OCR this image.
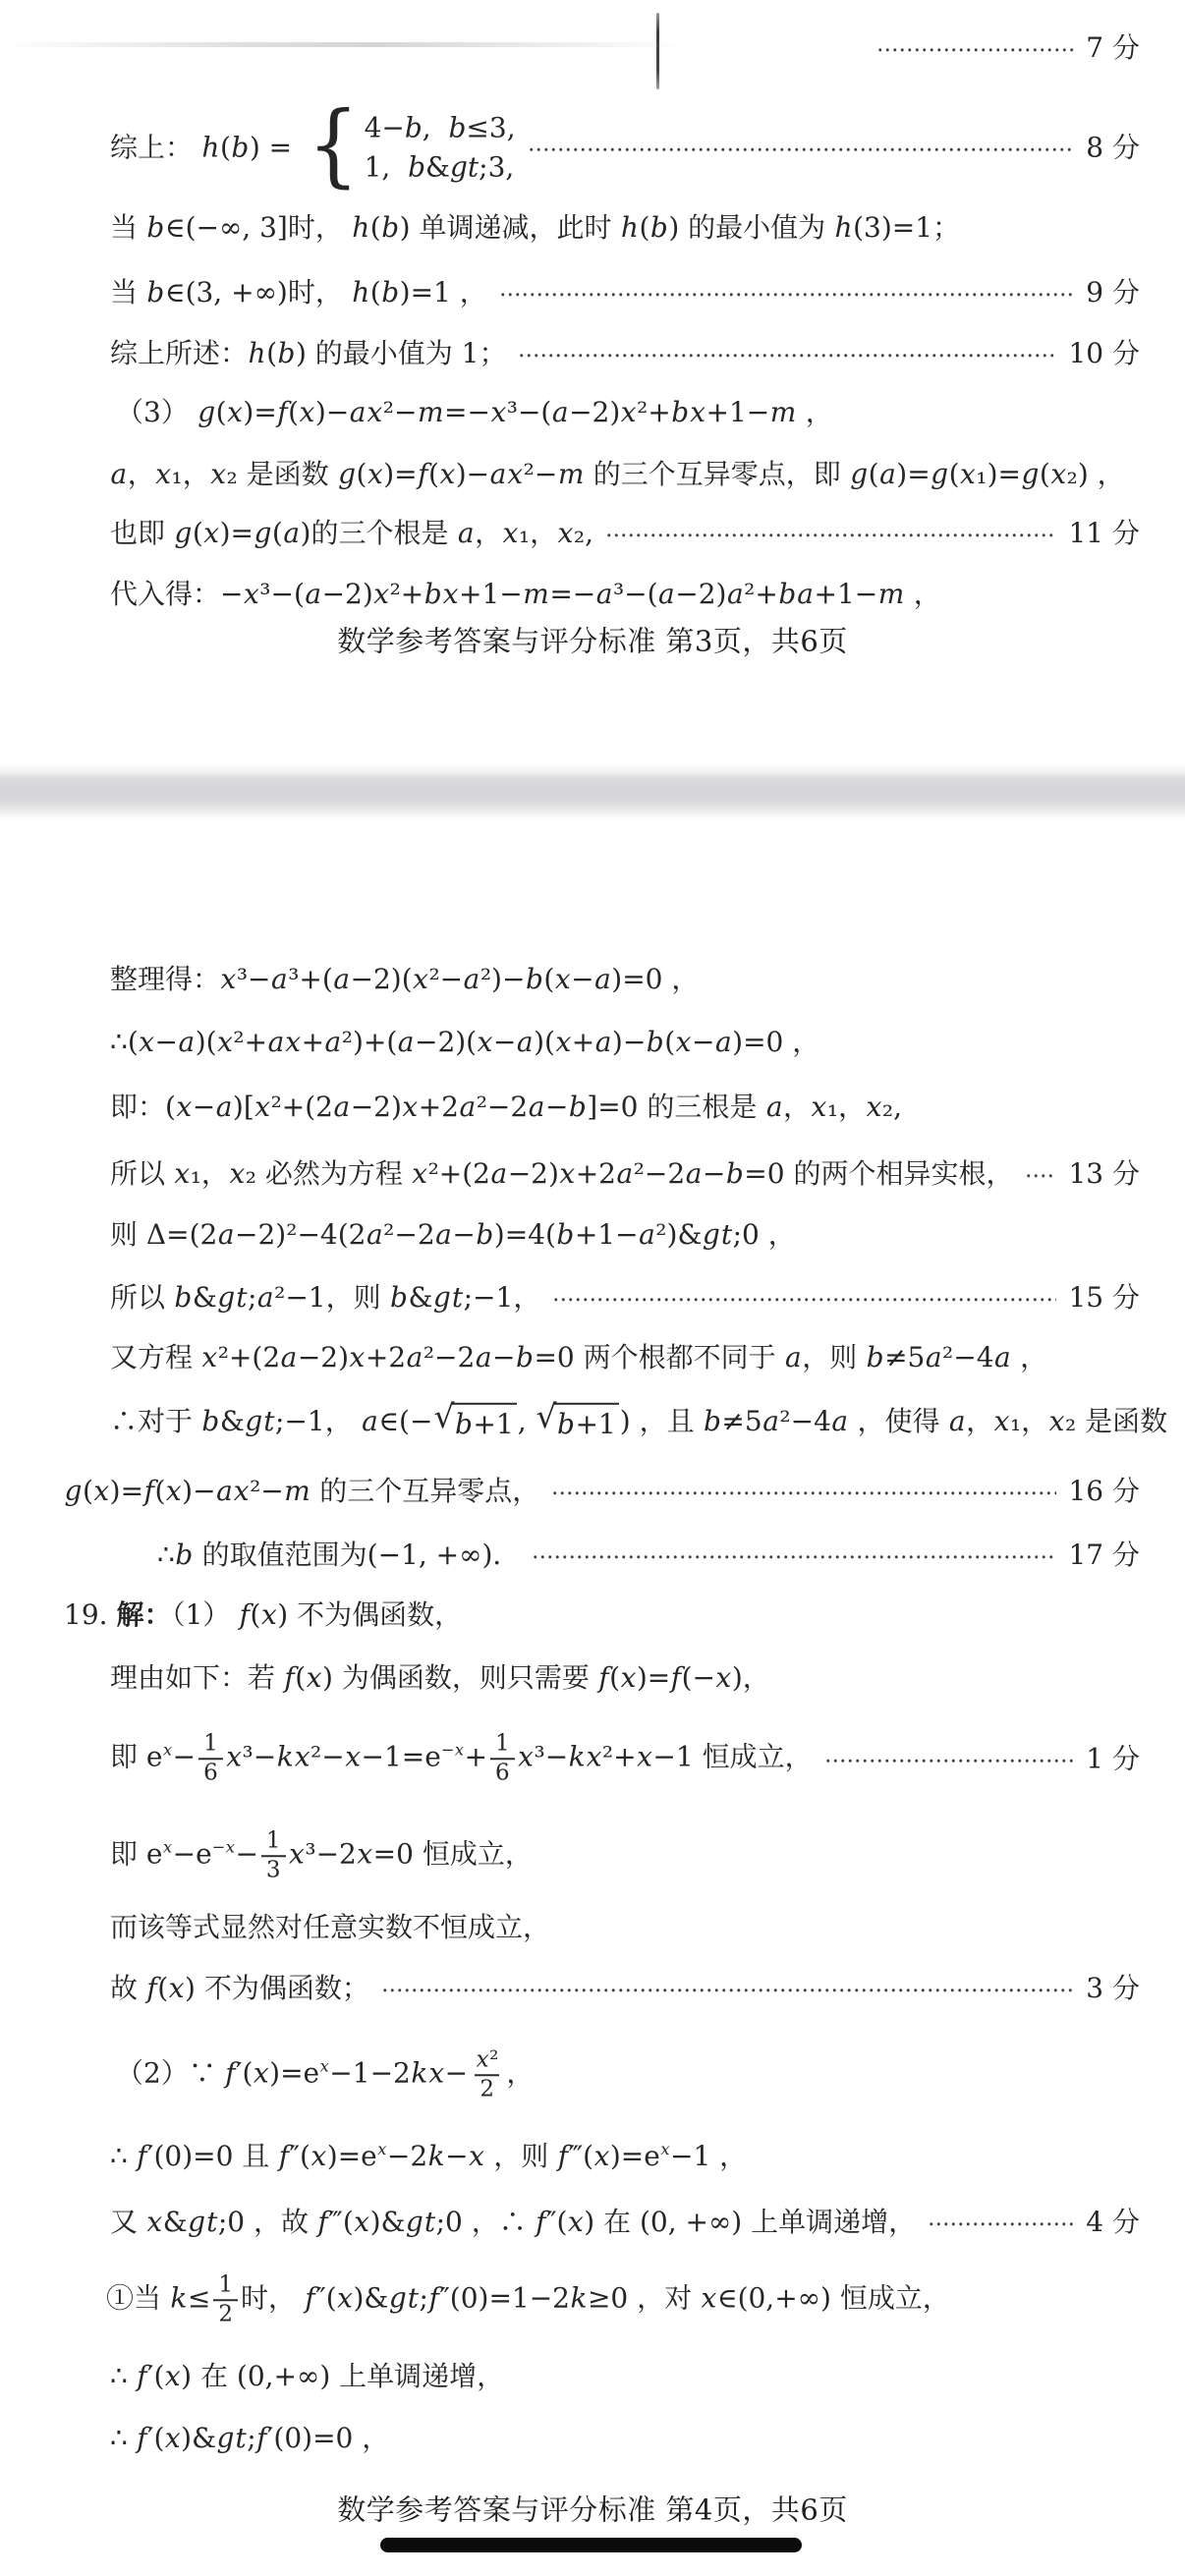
7 分
综上： h(b) = { 4−b,  b≤3,
1,  b&gt;3,
8 分
当 b∈(−∞, 3]时， h(b) 单调递减，此时 h(b) 的最小值为 h(3)=1；
当 b∈(3, +∞)时， h(b)=1 ，	9 分
综上所述：h(b) 的最小值为 1；	10 分
（3） g(x)=f(x)−ax²−m=−x³−(a−2)x²+bx+1−m ，
a，x₁，x₂ 是函数 g(x)=f(x)−ax²−m 的三个互异零点，即 g(a)=g(x₁)=g(x₂) ，
也即 g(x)=g(a)的三个根是 a，x₁，x₂,	11 分
代入得：−x³−(a−2)x²+bx+1−m=−a³−(a−2)a²+ba+1−m ，
整理得：x³−a³+(a−2)(x²−a²)−b(x−a)=0 ，
∴(x−a)(x²+ax+a²)+(a−2)(x−a)(x+a)−b(x−a)=0 ，
即：(x−a)[x²+(2a−2)x+2a²−2a−b]=0 的三根是 a，x₁，x₂,
所以 x₁，x₂ 必然为方程 x²+(2a−2)x+2a²−2a−b=0 的两个相异实根， 13 分
则 Δ=(2a−2)²−4(2a²−2a−b)=4(b+1−a²)&gt;0 ，
所以 b&gt;a²−1，则 b&gt;−1，	15 分
又方程 x²+(2a−2)x+2a²−2a−b=0 两个根都不同于 a，则 b≠5a²−4a ，
∴对于 b&gt;−1， a∈(− √ b+1 , √ b+1 ) ，且 b≠5a²−4a ，使得 a，x₁，x₂ 是函数
g(x)=f(x)−ax²−m 的三个互异零点，	16 分
∴b 的取值范围为(−1, +∞)．	17 分
19. 解：（1） f(x) 不为偶函数，
理由如下：若 f(x) 为偶函数，则只需要 f(x)=f(−x)，
即 $e^x- \frac{1}{6} x^3-kx^2-x-1=e^{-x}+ \frac{1}{6} x^3-kx^2+x-1$ 恒成立，	1 分
即 $e^x-e^{-x}- \frac{1}{3} x^3-2x=0$ 恒成立，
而该等式显然对任意实数不恒成立，
故 f(x) 不为偶函数；	3 分
（2）∵ $f'(x)=e^x-1-2kx- \frac{\text{x²}}{2}$ ，
∴ f′(0)=0 且 $f''(x)=e^x-2k-x$ ，则 $f‴(x)=e^x-1$ ，
又 x&gt;0 ，故 f‴(x)&gt;0 ，∴ f″(x) 在 (0, +∞) 上单调递增，	4 分
①当 $k\le \frac{1}{2}$ 时， f″(x)&gt;f″(0)=1−2k≥0 ，对 x∈(0,+∞) 恒成立，
∴ f′(x) 在 (0,+∞) 上单调递增，
∴ f′(x)&gt;f′(0)=0 ，
数学参考答案与评分标准 第3页，共6页
数学参考答案与评分标准 第4页，共6页
